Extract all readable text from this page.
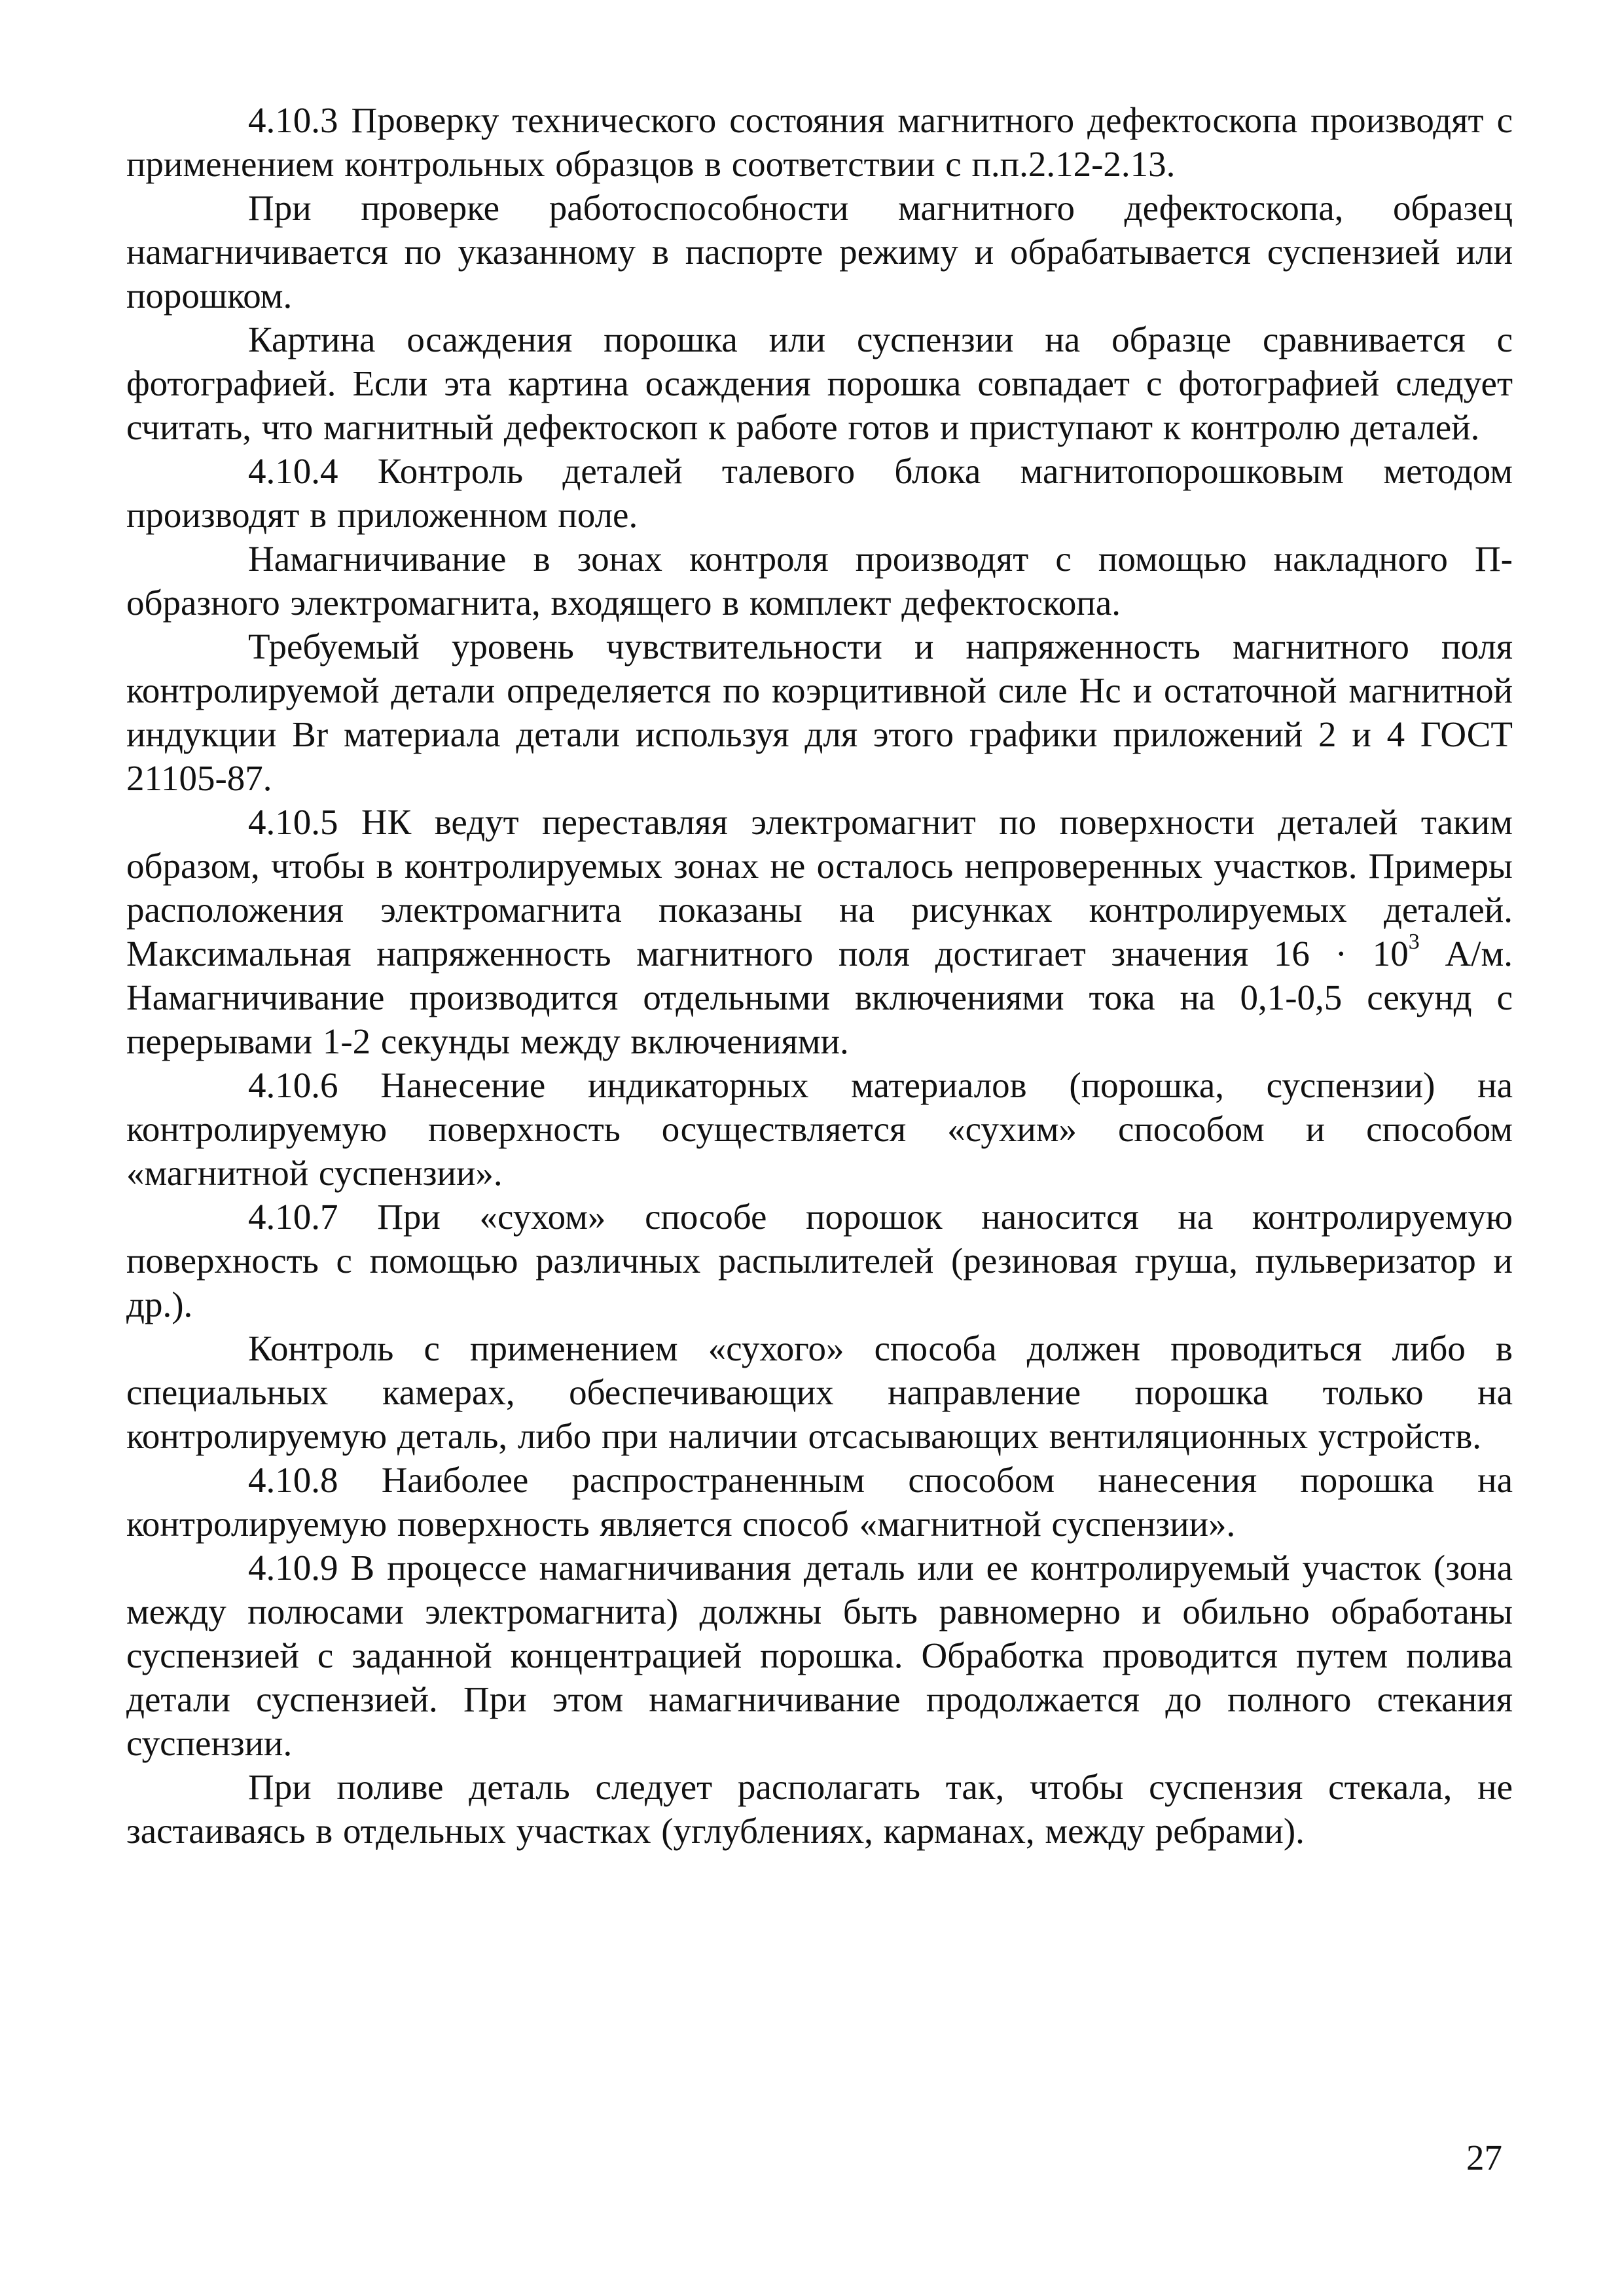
4.10.3 Проверку технического состояния магнитного дефектоскопа производят с применением контрольных образцов в соответствии с п.п.2.12-2.13.

При проверке работоспособности магнитного дефектоскопа, образец намагничивается по указанному в паспорте режиму и обрабатывается суспензией или порошком.

Картина осаждения порошка или суспензии на образце сравнивается с фотографией. Если эта картина осаждения порошка совпадает с фотографией следует считать, что магнитный дефектоскоп к работе готов и приступают к контролю деталей.

4.10.4 Контроль деталей талевого блока магнитопорошковым методом производят в приложенном поле.

Намагничивание в зонах контроля производят с помощью накладного П-образного электромагнита, входящего в комплект дефектоскопа.

Требуемый уровень чувствительности и напряженность магнитного поля контролируемой детали определяется по коэрцитивной силе Нс и остаточной магнитной индукции Br материала детали используя для этого графики приложений 2 и 4 ГОСТ 21105-87.

4.10.5 НК ведут переставляя электромагнит по поверхности деталей таким образом, чтобы в контролируемых зонах не осталось непроверенных участков. Примеры расположения электромагнита показаны на рисунках контролируемых деталей. Максимальная напряженность магнитного поля достигает значения $16 \cdot 10^3$ А/м. Намагничивание производится отдельными включениями тока на 0,1-0,5 секунд с перерывами 1-2 секунды между включениями.

4.10.6 Нанесение индикаторных материалов (порошка, суспензии) на контролируемую поверхность осуществляется «сухим» способом и способом «магнитной суспензии».

4.10.7 При «сухом» способе порошок наносится на контролируемую поверхность с помощью различных распылителей (резиновая груша, пульверизатор и др.).

Контроль с применением «сухого» способа должен проводиться либо в специальных камерах, обеспечивающих направление порошка только на контролируемую деталь, либо при наличии отсасывающих вентиляционных устройств.

4.10.8 Наиболее распространенным способом нанесения порошка на контролируемую поверхность является способ «магнитной суспензии».

4.10.9 В процессе намагничивания деталь или ее контролируемый участок (зона между полюсами электромагнита) должны быть равномерно и обильно обработаны суспензией с заданной концентрацией порошка. Обработка проводится путем полива детали суспензией. При этом намагничивание продолжается до полного стекания суспензии.

При поливе деталь следует располагать так, чтобы суспензия стекала, не застаиваясь в отдельных участках (углублениях, карманах, между ребрами).

27
